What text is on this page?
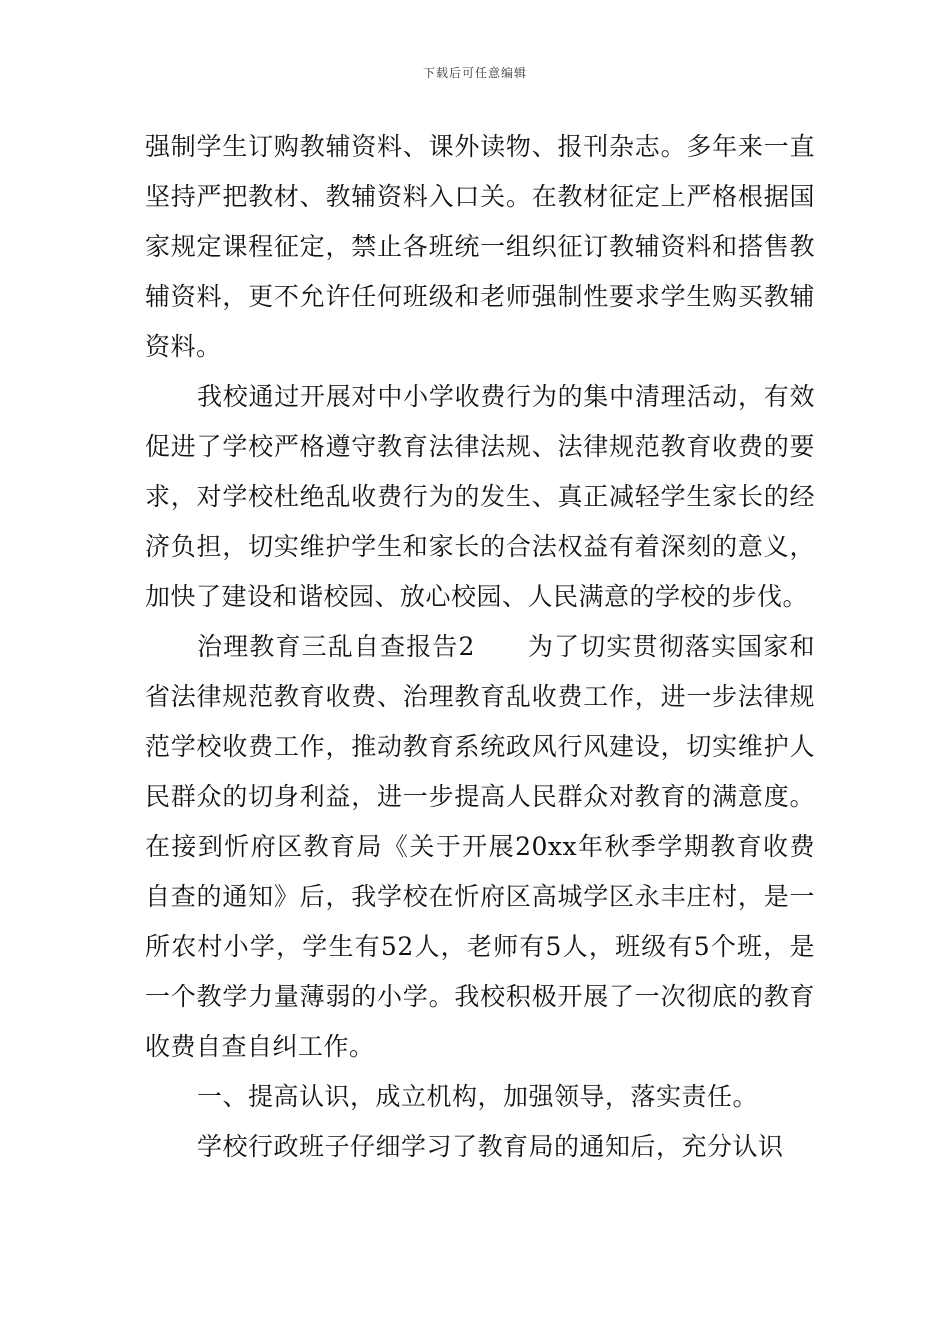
下载后可任意编辑

强制学生订购教辅资料、课外读物、报刊杂志。多年来一直坚持严把教材、教辅资料入口关。在教材征定上严格根据国家规定课程征定，禁止各班统一组织征订教辅资料和搭售教辅资料，更不允许任何班级和老师强制性要求学生购买教辅资料。

我校通过开展对中小学收费行为的集中清理活动，有效促进了学校严格遵守教育法律法规、法律规范教育收费的要求，对学校杜绝乱收费行为的发生、真正减轻学生家长的经济负担，切实维护学生和家长的合法权益有着深刻的意义，加快了建设和谐校园、放心校园、人民满意的学校的步伐。

治理教育三乱自查报告2　　为了切实贯彻落实国家和省法律规范教育收费、治理教育乱收费工作，进一步法律规范学校收费工作，推动教育系统政风行风建设，切实维护人民群众的切身利益，进一步提高人民群众对教育的满意度。在接到忻府区教育局《关于开展20xx年秋季学期教育收费自查的通知》后，我学校在忻府区高城学区永丰庄村，是一所农村小学，学生有52人，老师有5人，班级有5个班，是一个教学力量薄弱的小学。我校积极开展了一次彻底的教育收费自查自纠工作。

一、提高认识，成立机构，加强领导，落实责任。

学校行政班子仔细学习了教育局的通知后，充分认识
